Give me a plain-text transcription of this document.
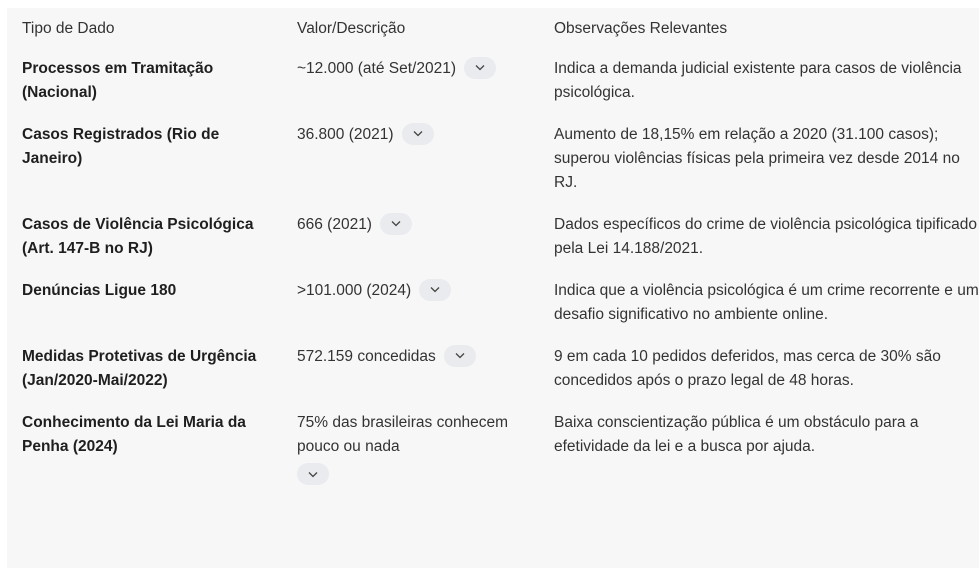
Tipo de Dado	Valor/Descrição	Observações Relevantes
Processos em Tramitação (Nacional)	~12.000 (até Set/2021)	Indica a demanda judicial existente para casos de violência psicológica.
Casos Registrados (Rio de Janeiro)	36.800 (2021)	Aumento de 18,15% em relação a 2020 (31.100 casos); superou violências físicas pela primeira vez desde 2014 no RJ.
Casos de Violência Psicológica (Art. 147-B no RJ)	666 (2021)	Dados específicos do crime de violência psicológica tipificado pela Lei 14.188/2021.
Denúncias Ligue 180	>101.000 (2024)	Indica que a violência psicológica é um crime recorrente e um desafio significativo no ambiente online.
Medidas Protetivas de Urgência (Jan/2020-Mai/2022)	572.159 concedidas	9 em cada 10 pedidos deferidos, mas cerca de 30% são concedidos após o prazo legal de 48 horas.
Conhecimento da Lei Maria da Penha (2024)	75% das brasileiras conhecem pouco ou nada	Baixa conscientização pública é um obstáculo para a efetividade da lei e a busca por ajuda.
